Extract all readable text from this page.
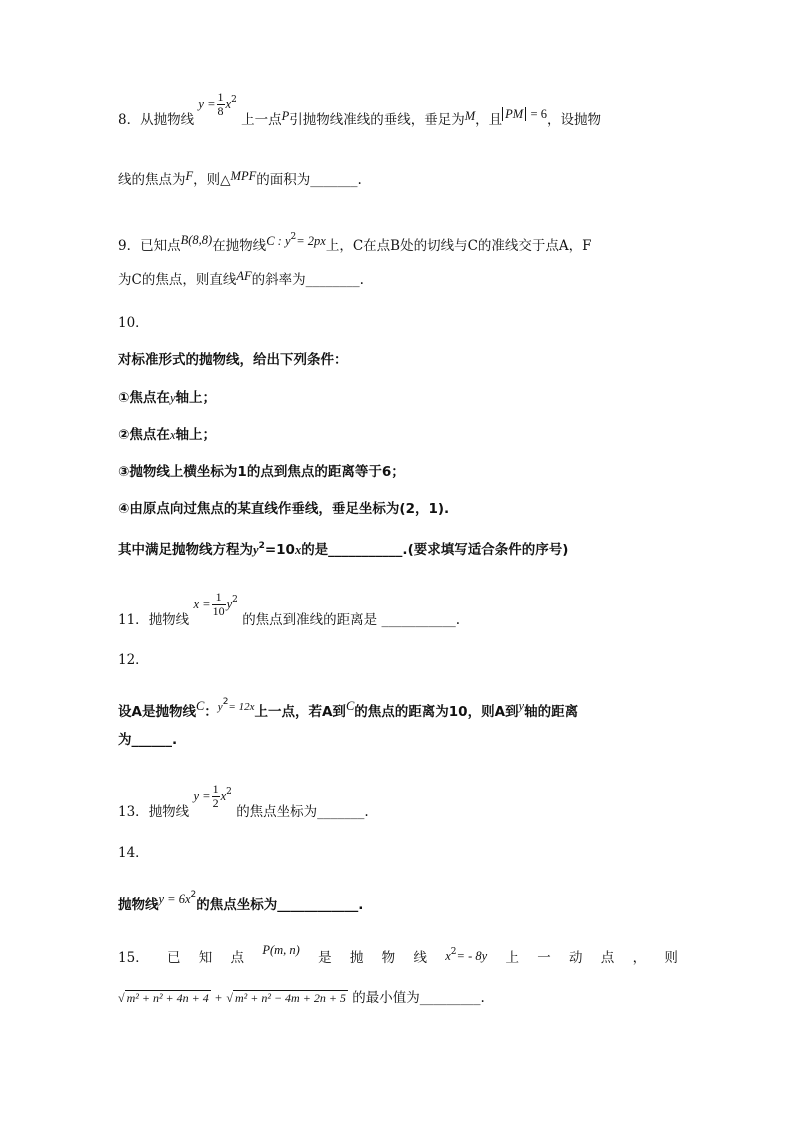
8．从抛物线 $y = \frac{1}{8} x^2$ 上一点P引抛物线准线的垂线，垂足为M，且 PM = 6，设抛物
线的焦点为F，则△MPF的面积为_______.
9．已知点B(8,8)在抛物线C : $y^2= 2px$上，C在点B处的切线与C的准线交于点A，F
为C的焦点，则直线AF的斜率为________.
10．
对标准形式的抛物线，给出下列条件：
①焦点在y轴上；
②焦点在x轴上；
③抛物线上横坐标为1的点到焦点的距离等于6；
④由原点向过焦点的某直线作垂线，垂足坐标为(2，1).
其中满足抛物线方程为$y^2=10x$的是___________.(要求填写适合条件的序号)
11．抛物线 $x = \frac{1}{10} y^2$ 的焦点到准线的距离是 ___________.
12．
设A是抛物线C：$^{y^2= 12x}$上一点，若A到C的焦点的距离为10，则A到y轴的距离
为______.
13．抛物线 $y = \frac{1}{2} x^2$ 的焦点坐标为_______.
14．
抛物线$y = 6x^2$的焦点坐标为____________.
15． 已 知 点 P(m, n) 是 抛 物 线 $x^2= - 8y$ 上 一 动 点 ， 则
√ m² + n² + 4n + 4 + √ m² + n² − 4m + 2n + 5 的最小值为_________.
